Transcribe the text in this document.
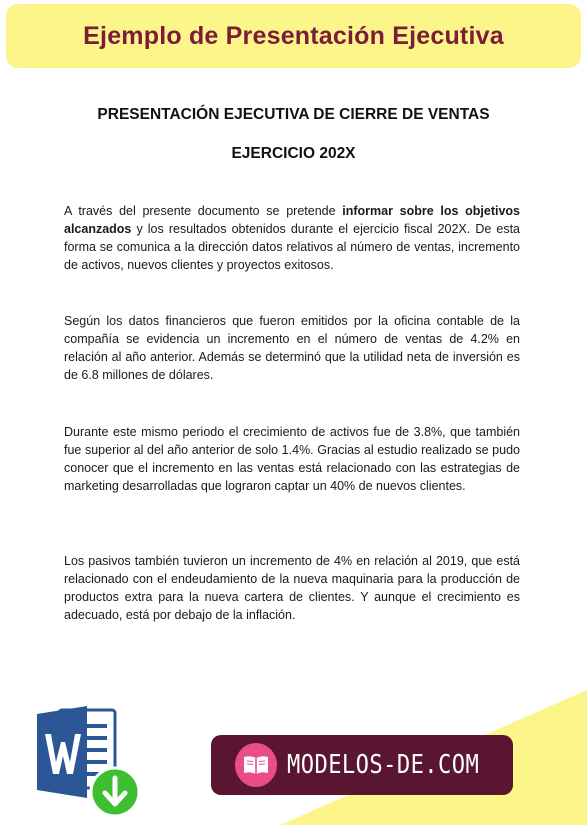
Ejemplo de Presentación Ejecutiva
PRESENTACIÓN EJECUTIVA DE CIERRE DE VENTAS
EJERCICIO 202X

A través del presente documento se pretende informar sobre los objetivos alcanzados y los resultados obtenidos durante el ejercicio fiscal 202X. De esta forma se comunica a la dirección datos relativos al número de ventas, incremento de activos, nuevos clientes y proyectos exitosos.

Según los datos financieros que fueron emitidos por la oficina contable de la compañía se evidencia un incremento en el número de ventas de 4.2% en relación al año anterior. Además se determinó que la utilidad neta de inversión es de 6.8 millones de dólares.

Durante este mismo periodo el crecimiento de activos fue de 3.8%, que también fue superior al del año anterior de solo 1.4%. Gracias al estudio realizado se pudo conocer que el incremento en las ventas está relacionado con las estrategias de marketing desarrolladas que lograron captar un 40% de nuevos clientes.

Los pasivos también tuvieron un incremento de 4% en relación al 2019, que está relacionado con el endeudamiento de la nueva maquinaria para la producción de productos extra para la nueva cartera de clientes. Y aunque el crecimiento es adecuado, está por debajo de la inflación.

MODELOS-DE.COM
